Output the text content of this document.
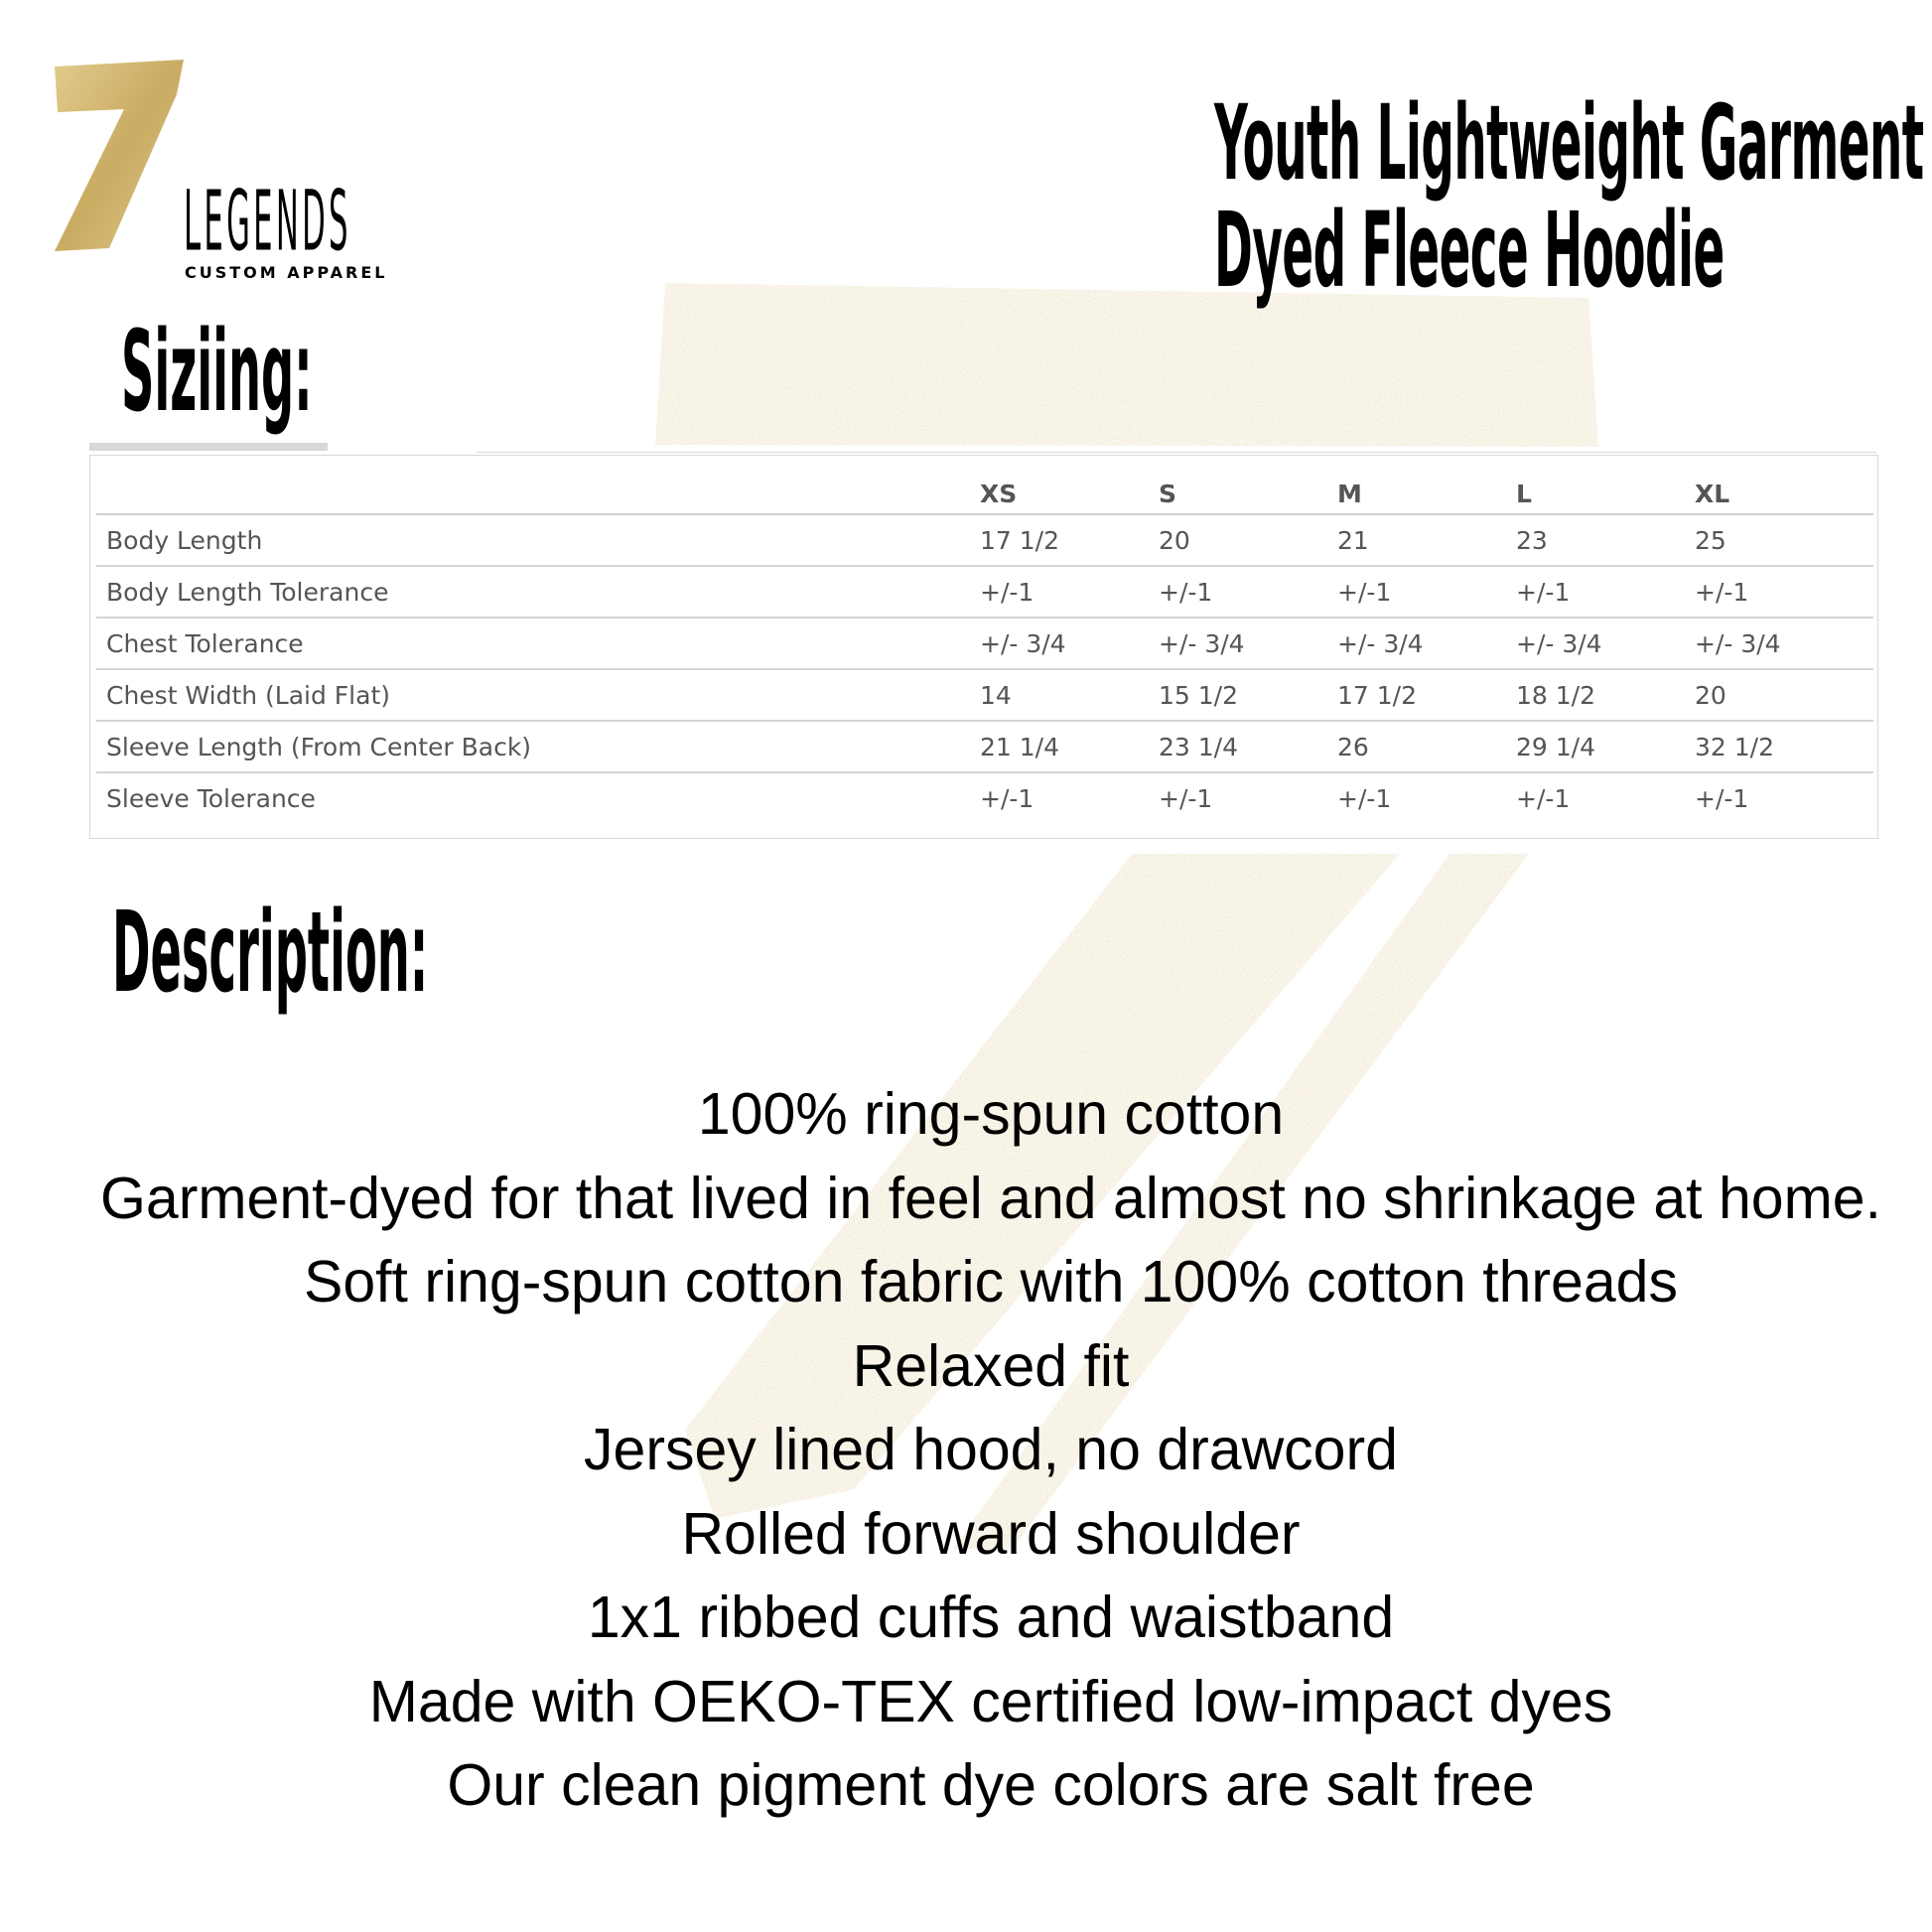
LEGENDS
CUSTOM APPAREL
Youth Lightweight Garment
Dyed Fleece Hoodie
Siziing:
	XS	S	M	L	XL
Body Length	17 1/2	20	21	23	25
Body Length Tolerance	+/-1	+/-1	+/-1	+/-1	+/-1
Chest Tolerance	+/- 3/4	+/- 3/4	+/- 3/4	+/- 3/4	+/- 3/4
Chest Width (Laid Flat)	14	15 1/2	17 1/2	18 1/2	20
Sleeve Length (From Center Back)	21 1/4	23 1/4	26	29 1/4	32 1/2
Sleeve Tolerance	+/-1	+/-1	+/-1	+/-1	+/-1
Description:
100% ring-spun cotton
Garment-dyed for that lived in feel and almost no shrinkage at home.
Soft ring-spun cotton fabric with 100% cotton threads
Relaxed fit
Jersey lined hood, no drawcord
Rolled forward shoulder
1x1 ribbed cuffs and waistband
Made with OEKO-TEX certified low-impact dyes
Our clean pigment dye colors are salt free
